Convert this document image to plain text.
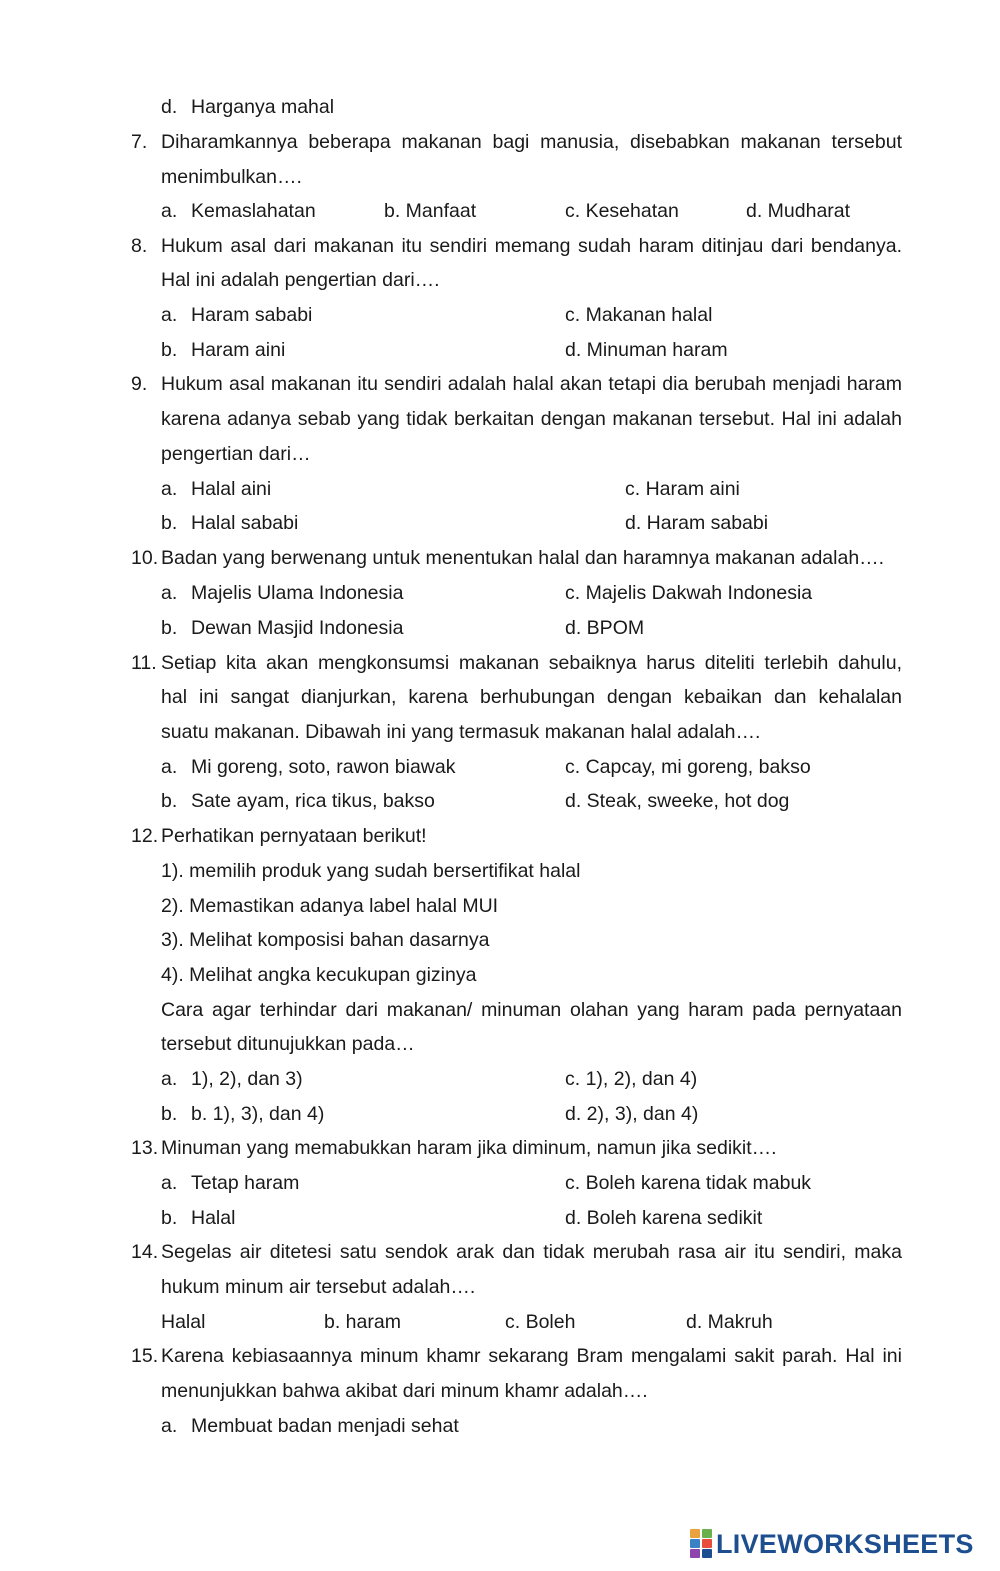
d. Harganya mahal
7. Diharamkannya beberapa makanan bagi manusia, disebabkan makanan tersebut
menimbulkan….
a. Kemaslahatan	b. Manfaat	c. Kesehatan	d. Mudharat
8. Hukum asal dari makanan itu sendiri memang sudah haram ditinjau dari bendanya.
Hal ini adalah pengertian dari….
a. Haram sababi	c. Makanan halal
b. Haram aini	d. Minuman haram
9. Hukum asal makanan itu sendiri adalah halal akan tetapi dia berubah menjadi haram
karena adanya sebab yang tidak berkaitan dengan makanan tersebut. Hal ini adalah
pengertian dari…
a. Halal aini	c. Haram aini
b. Halal sababi	d. Haram sababi
10. Badan yang berwenang untuk menentukan halal dan haramnya makanan adalah….
a. Majelis Ulama Indonesia	c. Majelis Dakwah Indonesia
b. Dewan Masjid Indonesia	d. BPOM
11. Setiap kita akan mengkonsumsi makanan sebaiknya harus diteliti terlebih dahulu,
hal ini sangat dianjurkan, karena berhubungan dengan kebaikan dan kehalalan
suatu makanan. Dibawah ini yang termasuk makanan halal adalah….
a. Mi goreng, soto, rawon biawak	c. Capcay, mi goreng, bakso
b. Sate ayam, rica tikus, bakso	d. Steak, sweeke, hot dog
12. Perhatikan pernyataan berikut!
1). memilih produk yang sudah bersertifikat halal
2). Memastikan adanya label halal MUI
3). Melihat komposisi bahan dasarnya
4). Melihat angka kecukupan gizinya
Cara agar terhindar dari makanan/ minuman olahan yang haram pada pernyataan
tersebut ditunujukkan pada…
a. 1), 2), dan 3)	c. 1), 2), dan 4)
b. b. 1), 3), dan 4)	d. 2), 3), dan 4)
13. Minuman yang memabukkan haram jika diminum, namun jika sedikit….
a. Tetap haram	c. Boleh karena tidak mabuk
b. Halal	d. Boleh karena sedikit
14. Segelas air ditetesi satu sendok arak dan tidak merubah rasa air itu sendiri, maka
hukum minum air tersebut adalah….
Halal	b. haram	c. Boleh	d. Makruh
15. Karena kebiasaannya minum khamr sekarang Bram mengalami sakit parah. Hal ini
menunjukkan bahwa akibat dari minum khamr adalah….
a. Membuat badan menjadi sehat
LIVEWORKSHEETS
